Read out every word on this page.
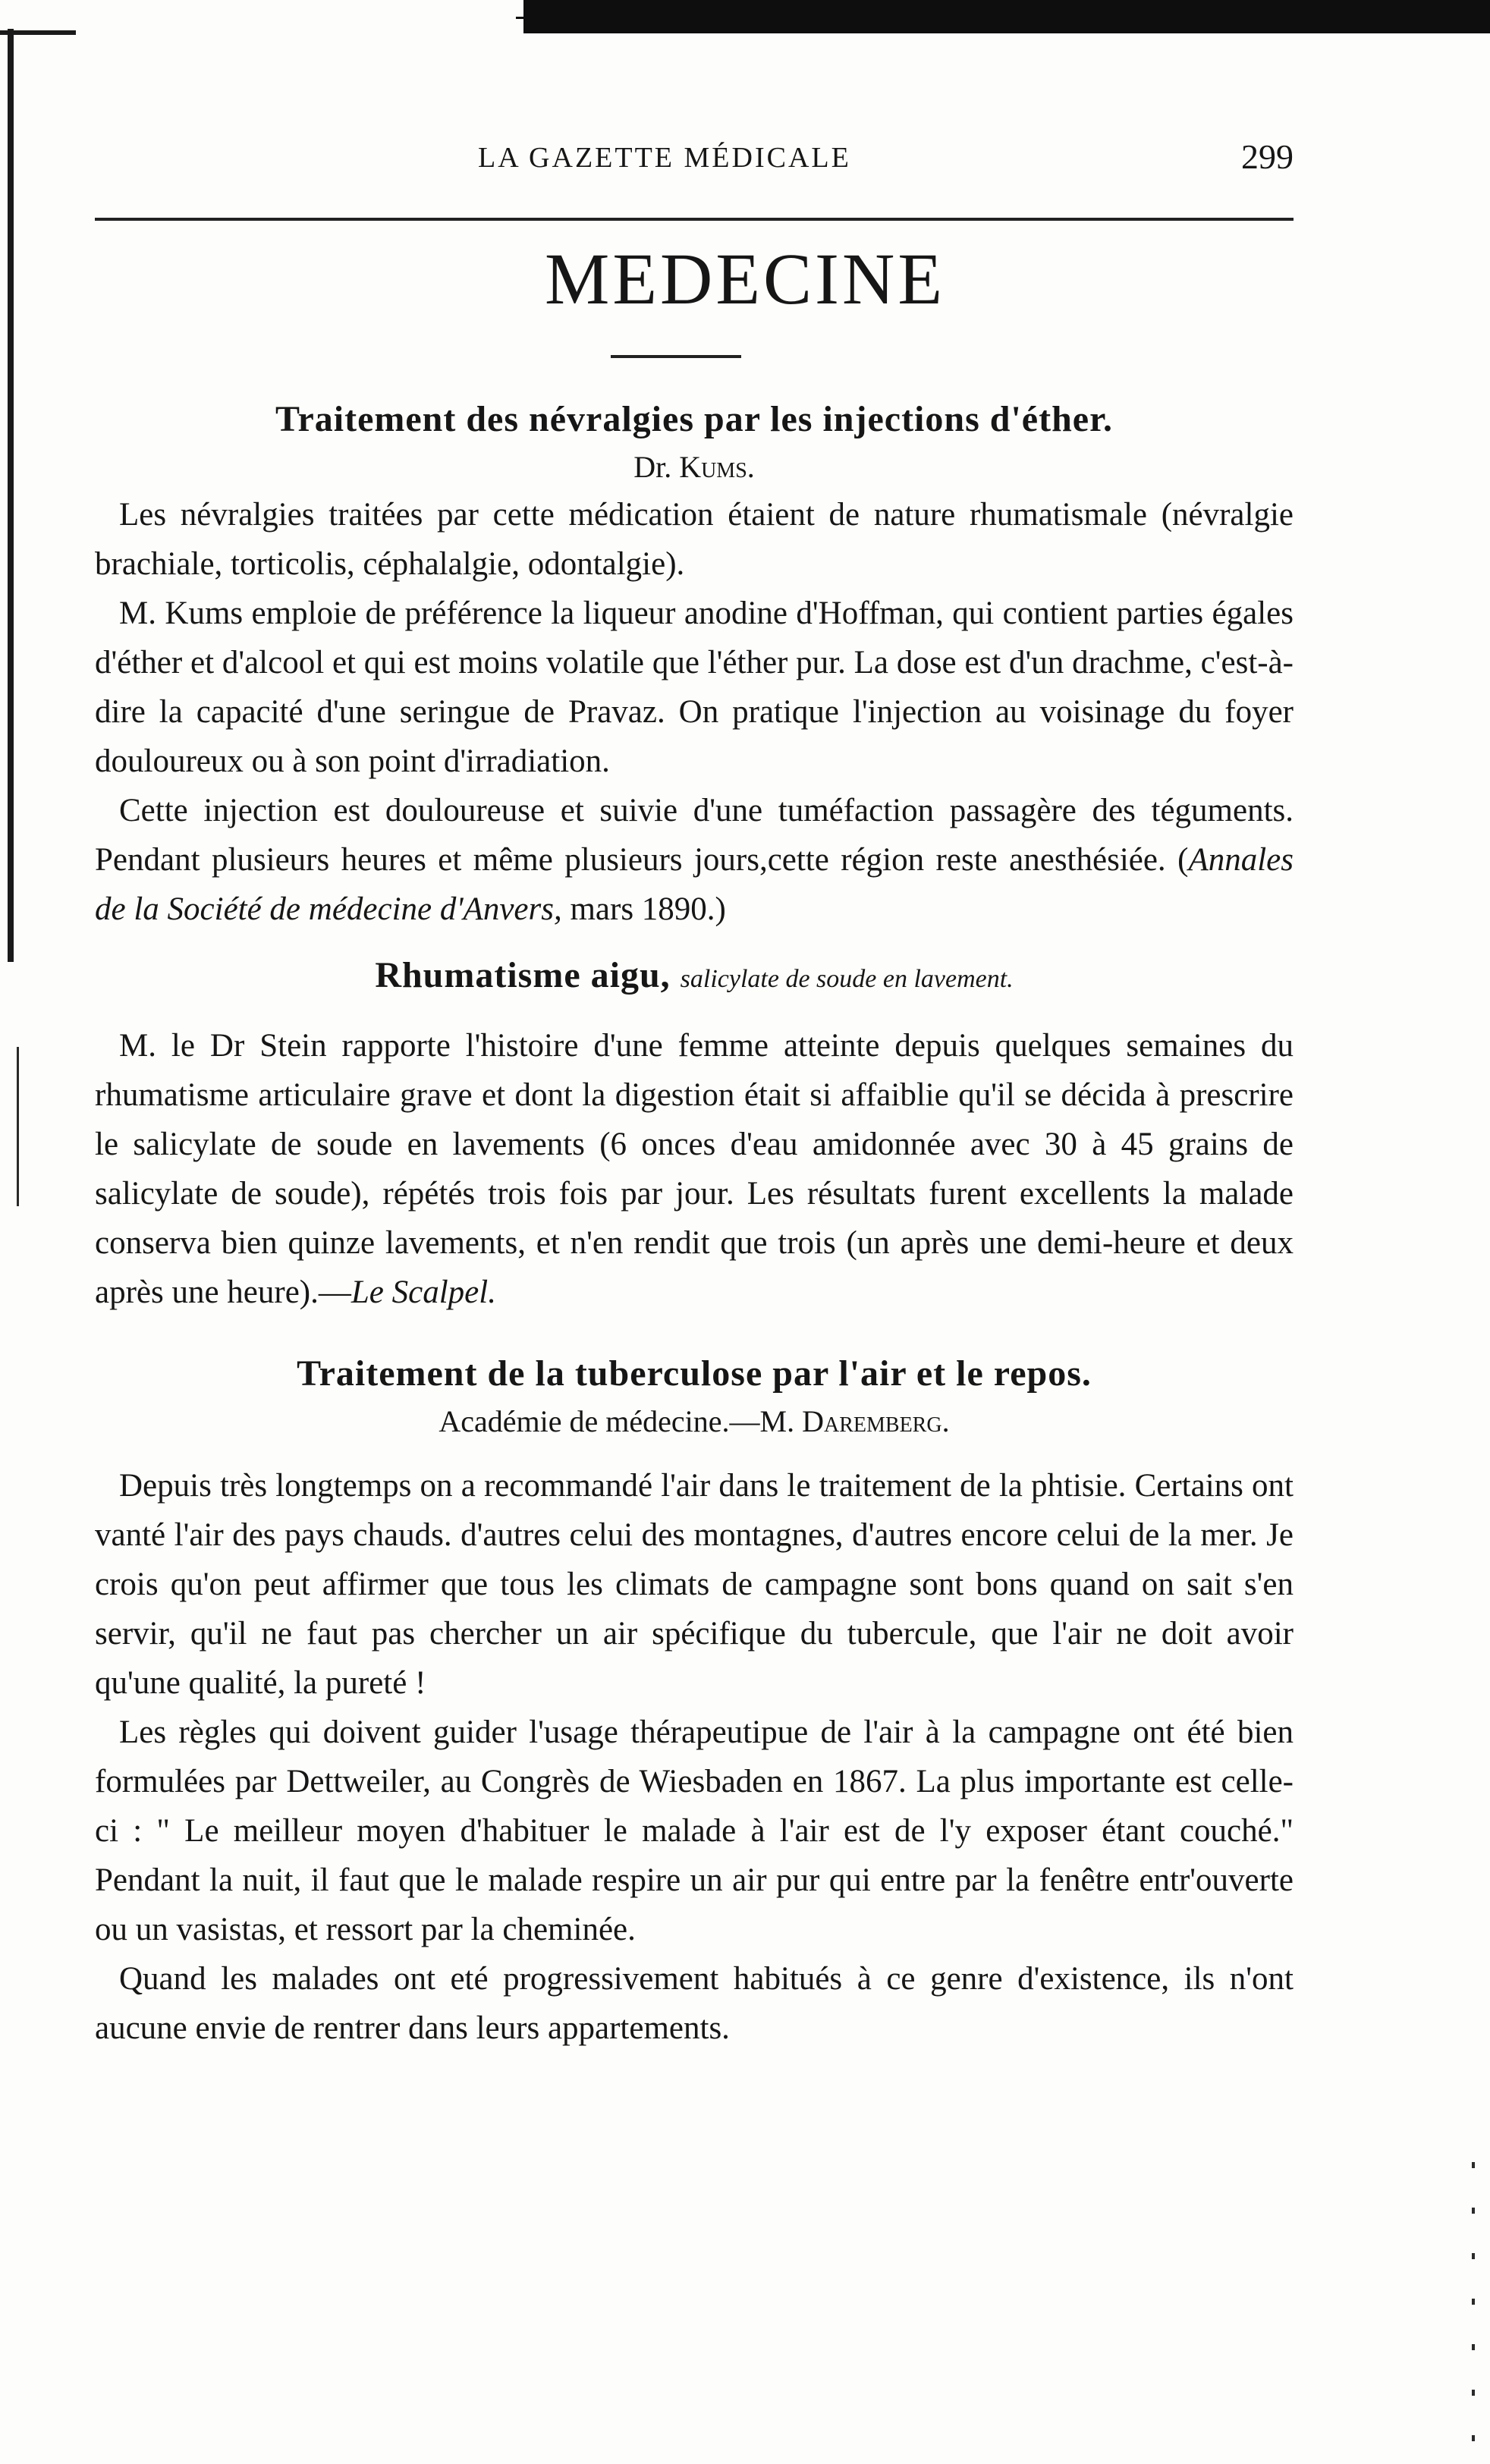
LA GAZETTE MÉDICALE	299
MEDECINE
Traitement des névralgies par les injections d'éther.
Dr. Kums.

Les névralgies traitées par cette médication étaient de nature rhumatismale (névralgie brachiale, torticolis, céphalalgie, odontalgie).

M. Kums emploie de préférence la liqueur anodine d'Hoffman, qui contient parties égales d'éther et d'alcool et qui est moins volatile que l'éther pur. La dose est d'un drachme, c'est-à-dire la capacité d'une seringue de Pravaz. On pratique l'injection au voisinage du foyer douloureux ou à son point d'irradiation.

Cette injection est douloureuse et suivie d'une tuméfaction passagère des téguments. Pendant plusieurs heures et même plusieurs jours,cette région reste anesthésiée. (Annales de la Société de médecine d'Anvers, mars 1890.)

Rhumatisme aigu, salicylate de soude en lavement.

M. le Dr Stein rapporte l'histoire d'une femme atteinte depuis quelques semaines du rhumatisme articulaire grave et dont la digestion était si affaiblie qu'il se décida à prescrire le salicylate de soude en lavements (6 onces d'eau amidonnée avec 30 à 45 grains de salicylate de soude), répétés trois fois par jour. Les résultats furent excellents la malade conserva bien quinze lavements, et n'en rendit que trois (un après une demi-heure et deux après une heure).—Le Scalpel.

Traitement de la tuberculose par l'air et le repos.
Académie de médecine.—M. Daremberg.

Depuis très longtemps on a recommandé l'air dans le traitement de la phtisie. Certains ont vanté l'air des pays chauds. d'autres celui des montagnes, d'autres encore celui de la mer. Je crois qu'on peut affirmer que tous les climats de campagne sont bons quand on sait s'en servir, qu'il ne faut pas chercher un air spécifique du tubercule, que l'air ne doit avoir qu'une qualité, la pureté !

Les règles qui doivent guider l'usage thérapeutipue de l'air à la campagne ont été bien formulées par Dettweiler, au Congrès de Wiesbaden en 1867. La plus importante est celle-ci : " Le meilleur moyen d'habituer le malade à l'air est de l'y exposer étant couché." Pendant la nuit, il faut que le malade respire un air pur qui entre par la fenêtre entr'ouverte ou un vasistas, et ressort par la cheminée.

Quand les malades ont eté progressivement habitués à ce genre d'existence, ils n'ont aucune envie de rentrer dans leurs appartements.
